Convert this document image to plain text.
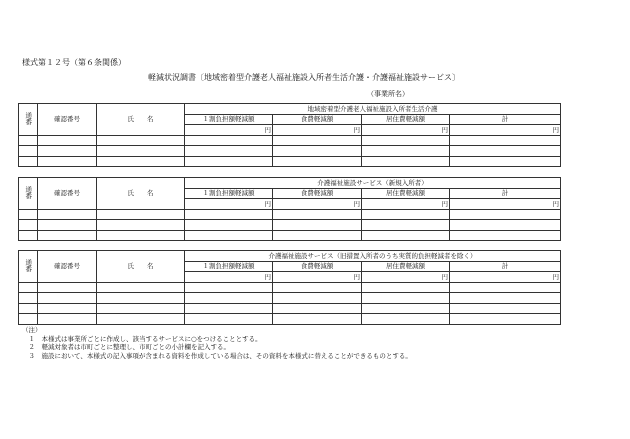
様式第１２号（第６条関係）
軽減状況調書〔地域密着型介護老人福祉施設入所者生活介護・介護福祉施設サービス〕
（事業所名）
通番	確認番号	氏　　名	地域密着型介護老人福祉施設入所者生活介護			
			１割負担額軽減額	食費軽減額	居住費軽減額	計
			円	円	円	円

通番	確認番号	氏　　名	介護福祉施設サービス（新規入所者）			
			１割負担額軽減額	食費軽減額	居住費軽減額	計
			円	円	円	円

通番	確認番号	氏　　名	介護福祉施設サービス（旧措置入所者のうち実質的負担軽減者を除く）			
			１割負担額軽減額	食費軽減額	居住費軽減額	計
			円	円	円	円

（注）
　１　 本様式は事業所ごとに作成し、該当するサービスに○をつけることとする。
　２　 軽減対象者は市町ごとに整理し、市町ごとの小計欄を記入する。
　３　 施設において、本様式の記入事項が含まれる資料を作成している場合は、その資料を本様式に替えることができるものとする。
